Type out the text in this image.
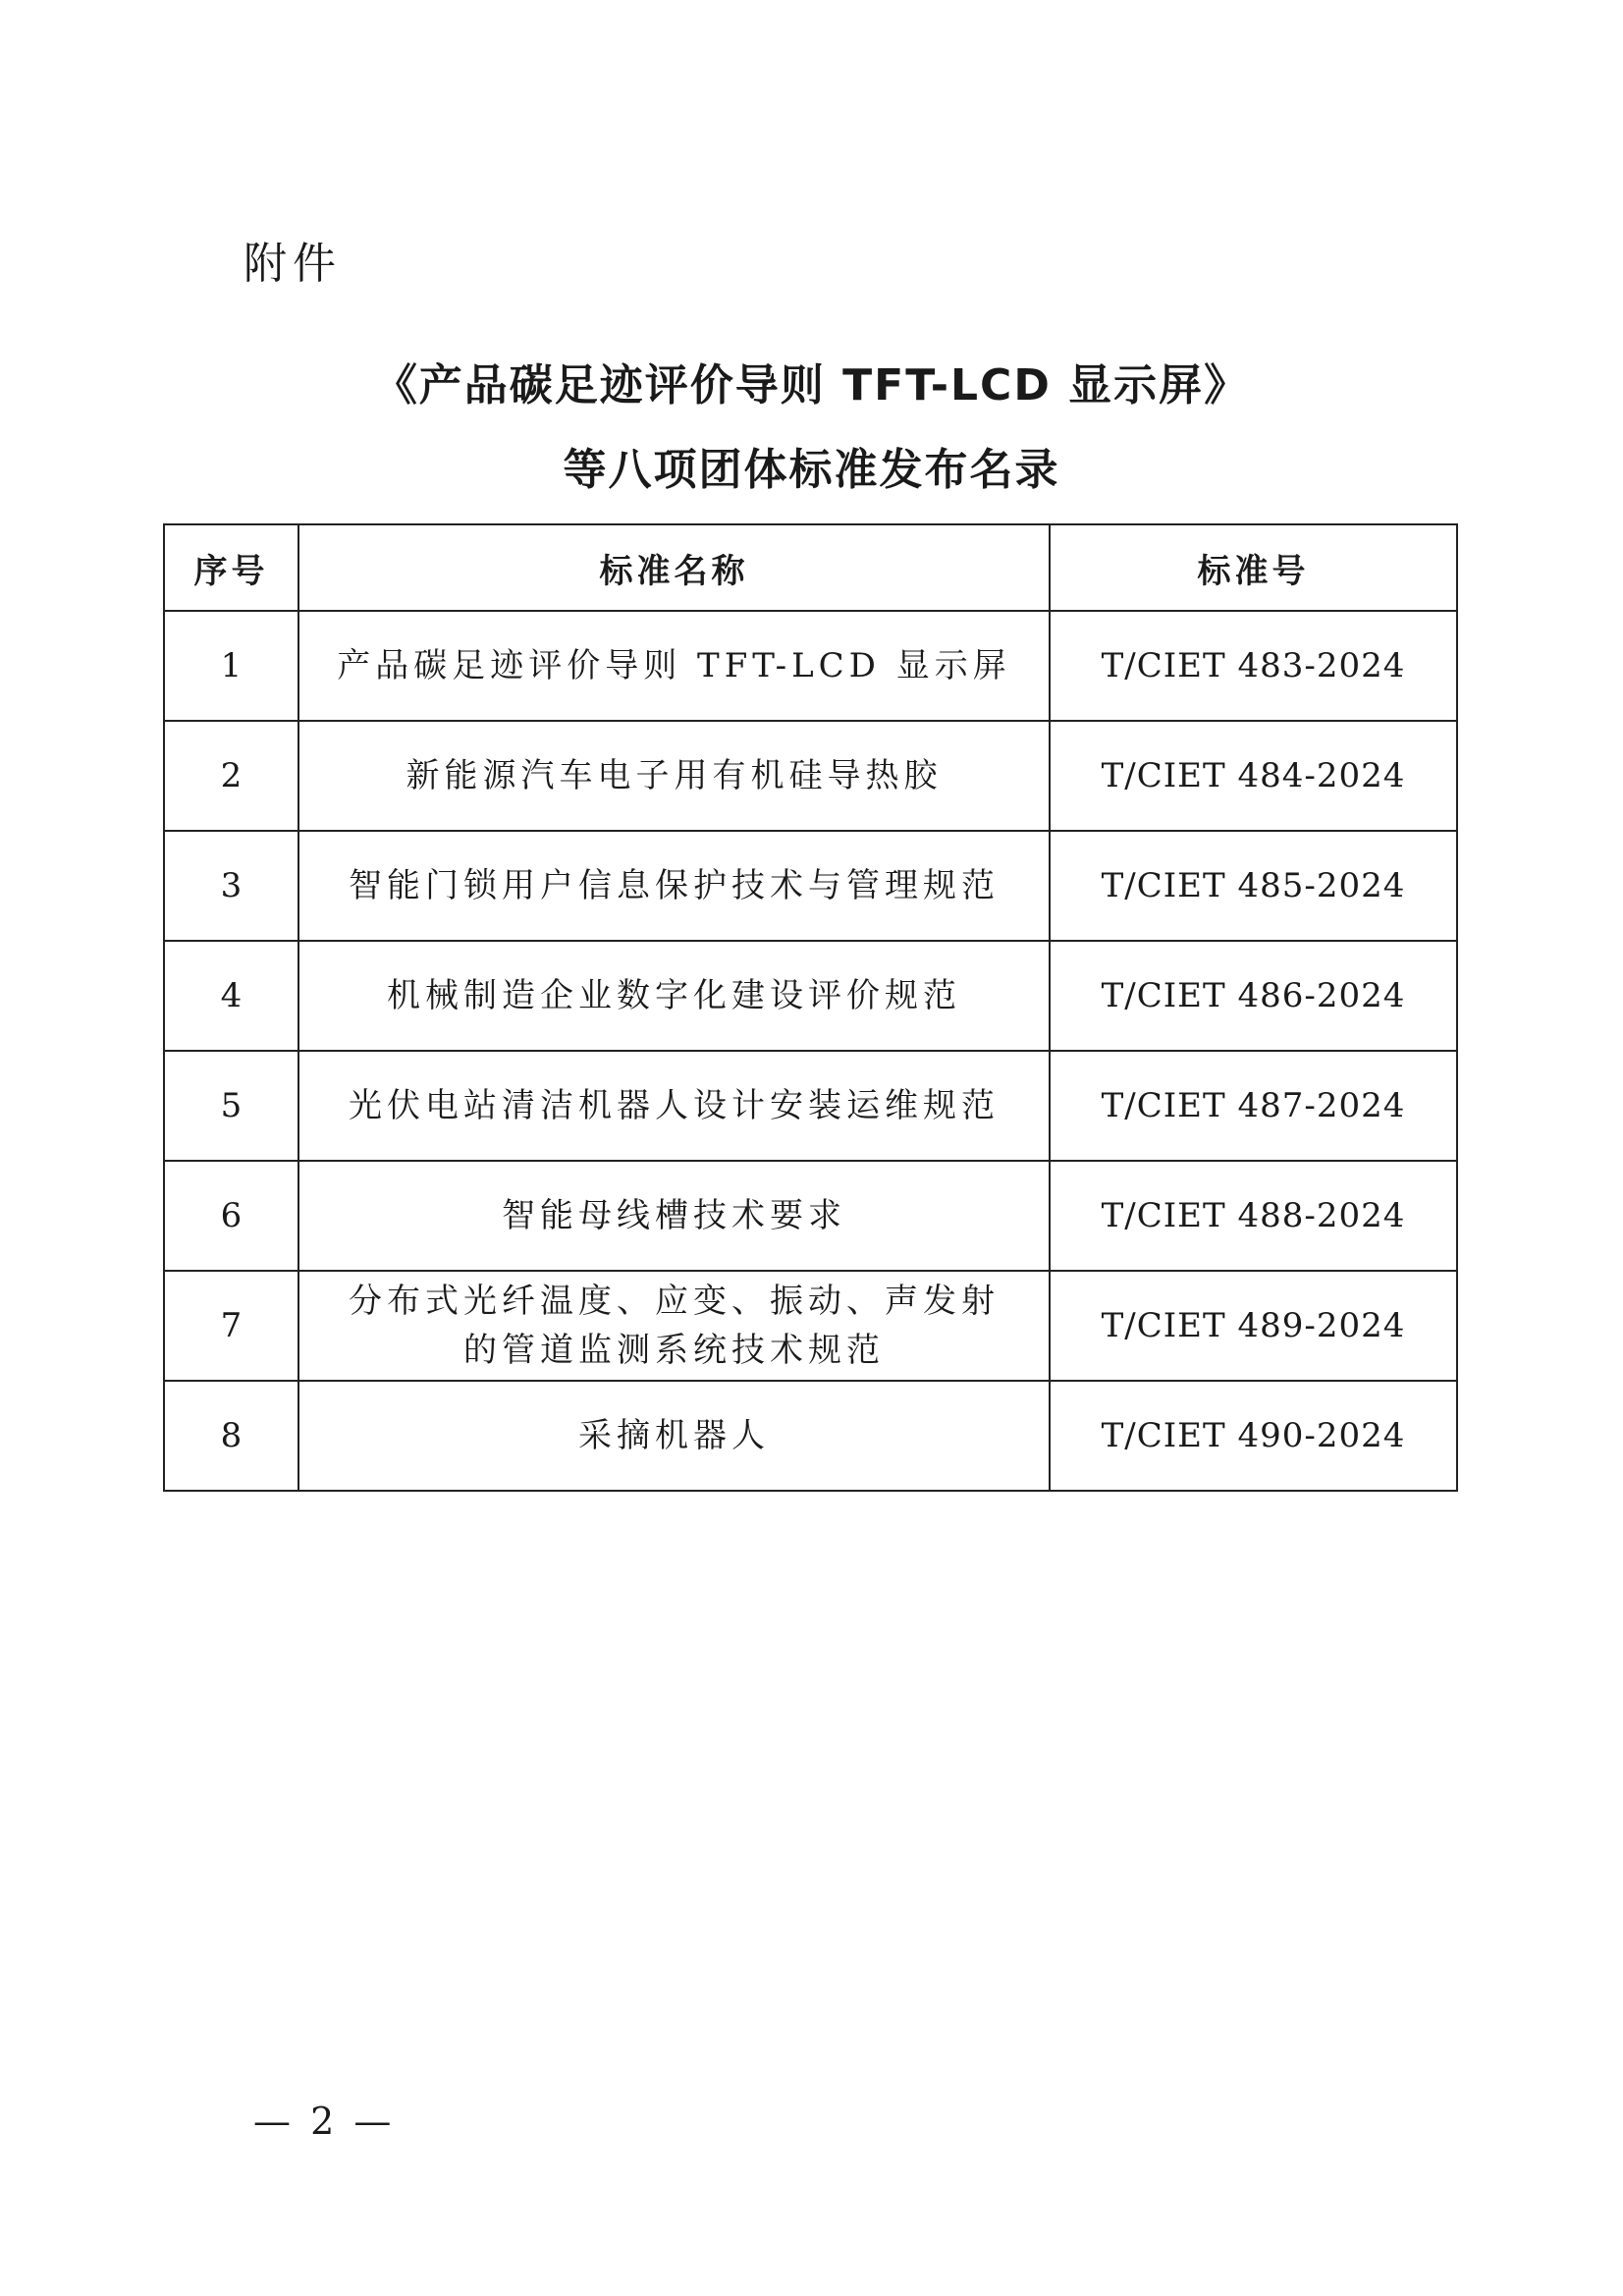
附件
《产品碳足迹评价导则 TFT-LCD 显示屏》
等八项团体标准发布名录
序号	标准名称	标准号
1	产品碳足迹评价导则 TFT-LCD 显示屏	T/CIET 483-2024
2	新能源汽车电子用有机硅导热胶	T/CIET 484-2024
3	智能门锁用户信息保护技术与管理规范	T/CIET 485-2024
4	机械制造企业数字化建设评价规范	T/CIET 486-2024
5	光伏电站清洁机器人设计安装运维规范	T/CIET 487-2024
6	智能母线槽技术要求	T/CIET 488-2024
7	分布式光纤温度、应变、振动、声发射的管道监测系统技术规范	T/CIET 489-2024
8	采摘机器人	T/CIET 490-2024
— 2 —
